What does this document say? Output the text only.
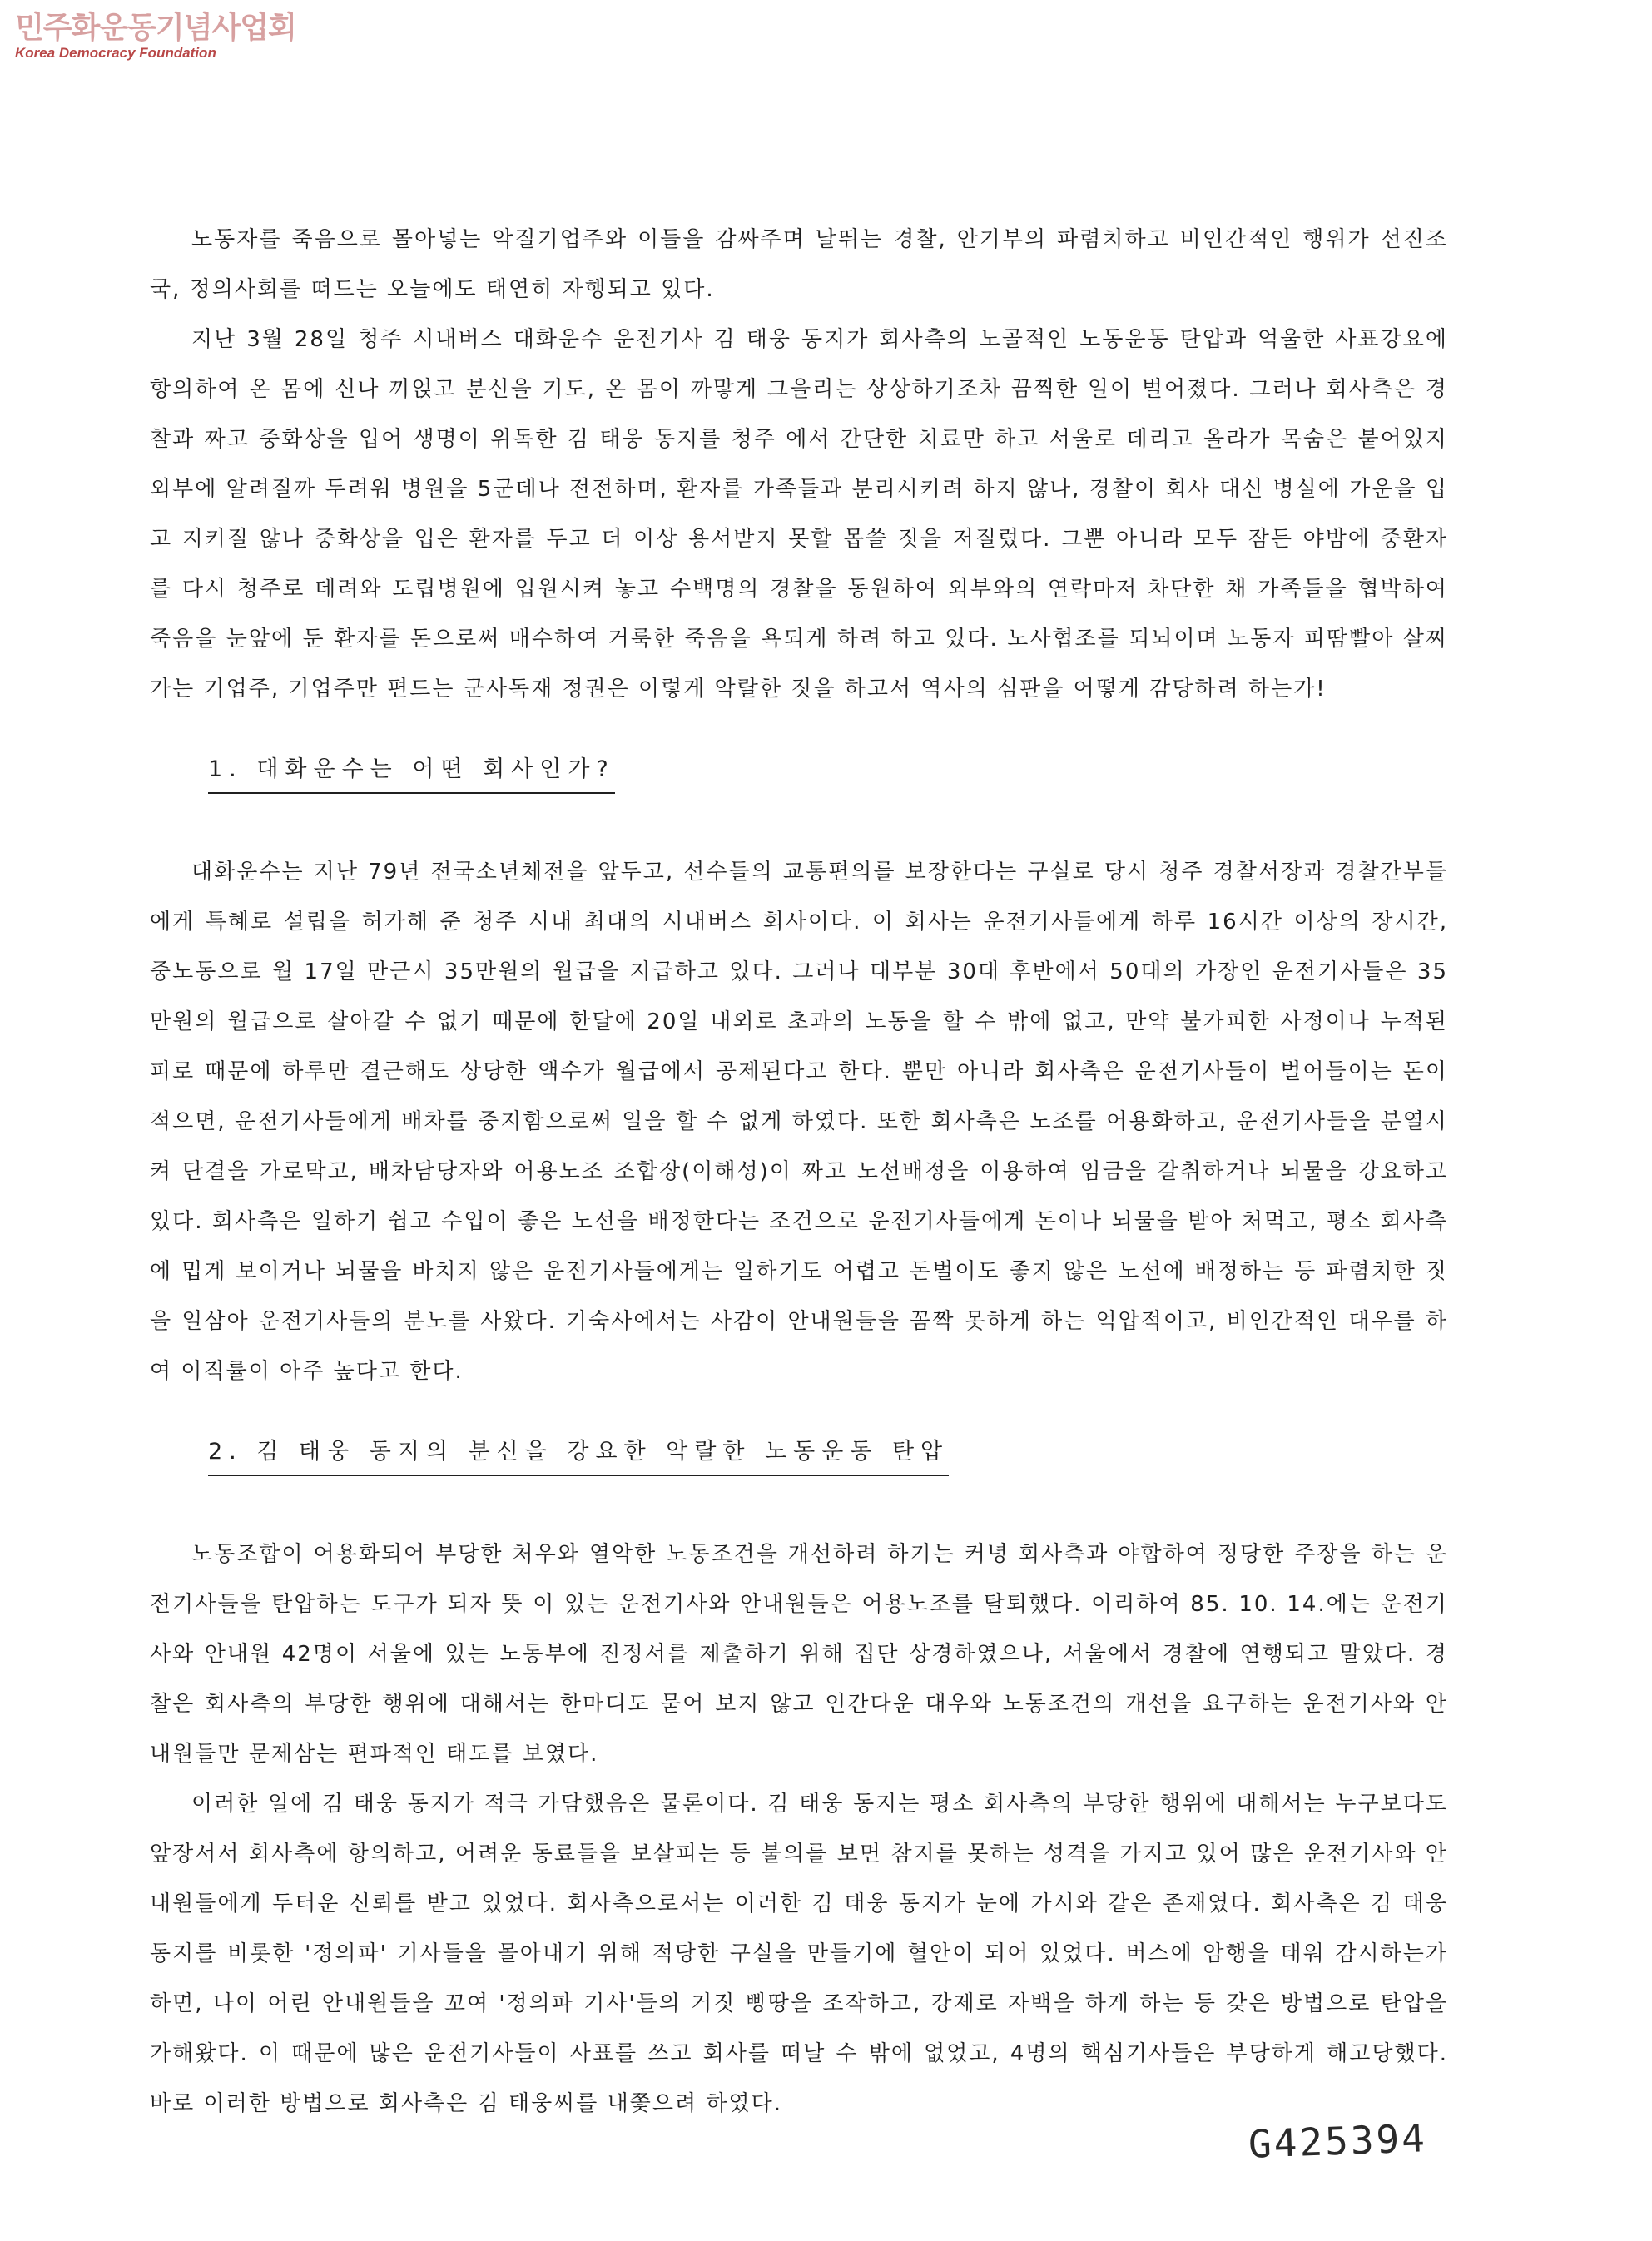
민주화운동기념사업회
Korea Democracy Foundation

노동자를 죽음으로 몰아넣는 악질기업주와 이들을 감싸주며 날뛰는 경찰, 안기부의 파렴치하고 비인간적인 행위가 선진조국, 정의사회를 떠드는 오늘에도 태연히 자행되고 있다.

지난 3월 28일 청주 시내버스 대화운수 운전기사 김 태웅 동지가 회사측의 노골적인 노동운동 탄압과 억울한 사표강요에 항의하여 온 몸에 신나 끼얹고 분신을 기도, 온 몸이 까맣게 그을리는 상상하기조차 끔찍한 일이 벌어졌다. 그러나 회사측은 경찰과 짜고 중화상을 입어 생명이 위독한 김 태웅 동지를 청주 에서 간단한 치료만 하고 서울로 데리고 올라가 목숨은 붙어있지 외부에 알려질까 두려워 병원을 5군데나 전전하며, 환자를 가족들과 분리시키려 하지 않나, 경찰이 회사 대신 병실에 가운을 입고 지키질 않나 중화상을 입은 환자를 두고 더 이상 용서받지 못할 몹쓸 짓을 저질렀다. 그뿐 아니라 모두 잠든 야밤에 중환자를 다시 청주로 데려와 도립병원에 입원시켜 놓고 수백명의 경찰을 동원하여 외부와의 연락마저 차단한 채 가족들을 협박하여 죽음을 눈앞에 둔 환자를 돈으로써 매수하여 거룩한 죽음을 욕되게 하려 하고 있다. 노사협조를 되뇌이며 노동자 피땀빨아 살찌가는 기업주, 기업주만 편드는 군사독재 정권은 이렇게 악랄한 짓을 하고서 역사의 심판을 어떻게 감당하려 하는가!

1. 대화운수는 어떤 회사인가?

대화운수는 지난 79년 전국소년체전을 앞두고, 선수들의 교통편의를 보장한다는 구실로 당시 청주 경찰서장과 경찰간부들에게 특혜로 설립을 허가해 준 청주 시내 최대의 시내버스 회사이다. 이 회사는 운전기사들에게 하루 16시간 이상의 장시간, 중노동으로 월 17일 만근시 35만원의 월급을 지급하고 있다. 그러나 대부분 30대 후반에서 50대의 가장인 운전기사들은 35만원의 월급으로 살아갈 수 없기 때문에 한달에 20일 내외로 초과의 노동을 할 수 밖에 없고, 만약 불가피한 사정이나 누적된 피로 때문에 하루만 결근해도 상당한 액수가 월급에서 공제된다고 한다. 뿐만 아니라 회사측은 운전기사들이 벌어들이는 돈이 적으면, 운전기사들에게 배차를 중지함으로써 일을 할 수 없게 하였다. 또한 회사측은 노조를 어용화하고, 운전기사들을 분열시켜 단결을 가로막고, 배차담당자와 어용노조 조합장(이해성)이 짜고 노선배정을 이용하여 임금을 갈취하거나 뇌물을 강요하고 있다. 회사측은 일하기 쉽고 수입이 좋은 노선을 배정한다는 조건으로 운전기사들에게 돈이나 뇌물을 받아 처먹고, 평소 회사측에 밉게 보이거나 뇌물을 바치지 않은 운전기사들에게는 일하기도 어렵고 돈벌이도 좋지 않은 노선에 배정하는 등 파렴치한 짓을 일삼아 운전기사들의 분노를 사왔다. 기숙사에서는 사감이 안내원들을 꼼짝 못하게 하는 억압적이고, 비인간적인 대우를 하여 이직률이 아주 높다고 한다.

2. 김 태웅 동지의 분신을 강요한 악랄한 노동운동 탄압

노동조합이 어용화되어 부당한 처우와 열악한 노동조건을 개선하려 하기는 커녕 회사측과 야합하여 정당한 주장을 하는 운전기사들을 탄압하는 도구가 되자 뜻 이 있는 운전기사와 안내원들은 어용노조를 탈퇴했다. 이리하여 85. 10. 14.에는 운전기사와 안내원 42명이 서울에 있는 노동부에 진정서를 제출하기 위해 집단 상경하였으나, 서울에서 경찰에 연행되고 말았다. 경찰은 회사측의 부당한 행위에 대해서는 한마디도 묻어 보지 않고 인간다운 대우와 노동조건의 개선을 요구하는 운전기사와 안내원들만 문제삼는 편파적인 태도를 보였다.

이러한 일에 김 태웅 동지가 적극 가담했음은 물론이다. 김 태웅 동지는 평소 회사측의 부당한 행위에 대해서는 누구보다도 앞장서서 회사측에 항의하고, 어려운 동료들을 보살피는 등 불의를 보면 참지를 못하는 성격을 가지고 있어 많은 운전기사와 안내원들에게 두터운 신뢰를 받고 있었다. 회사측으로서는 이러한 김 태웅 동지가 눈에 가시와 같은 존재였다. 회사측은 김 태웅 동지를 비롯한 '정의파' 기사들을 몰아내기 위해 적당한 구실을 만들기에 혈안이 되어 있었다. 버스에 암행을 태워 감시하는가 하면, 나이 어린 안내원들을 꼬여 '정의파 기사'들의 거짓 삥땅을 조작하고, 강제로 자백을 하게 하는 등 갖은 방법으로 탄압을 가해왔다. 이 때문에 많은 운전기사들이 사표를 쓰고 회사를 떠날 수 밖에 없었고, 4명의 핵심기사들은 부당하게 해고당했다. 바로 이러한 방법으로 회사측은 김 태웅씨를 내쫓으려 하였다.

G425394
